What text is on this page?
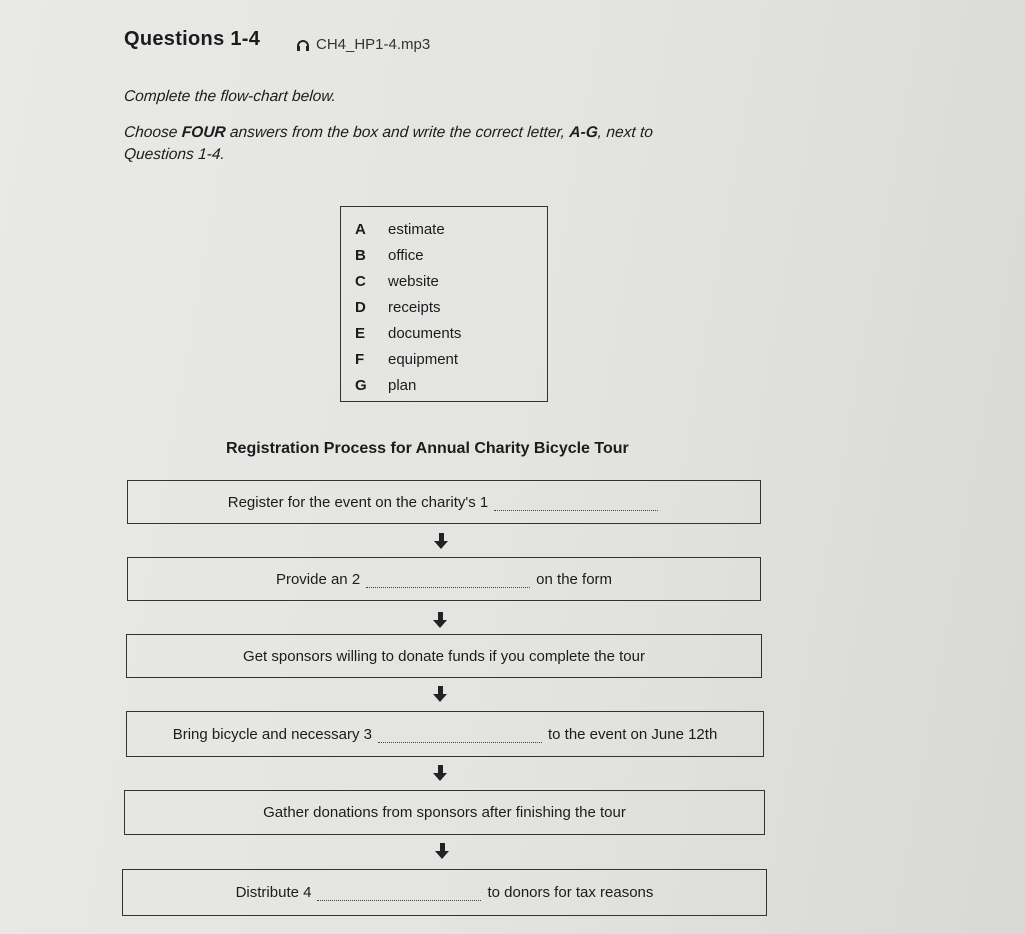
Questions 1-4	CH4_HP1-4.mp3
Complete the flow-chart below.
Choose FOUR answers from the box and write the correct letter, A-G, next to
Questions 1-4.
A	estimate
B	office
C	website
D	receipts
E	documents
F	equipment
G	plan
Registration Process for Annual Charity Bicycle Tour
Register for the event on the charity's 1
Provide an 2	on the form
Get sponsors willing to donate funds if you complete the tour
Bring bicycle and necessary 3	to the event on June 12th
Gather donations from sponsors after finishing the tour
Distribute 4	to donors for tax reasons
